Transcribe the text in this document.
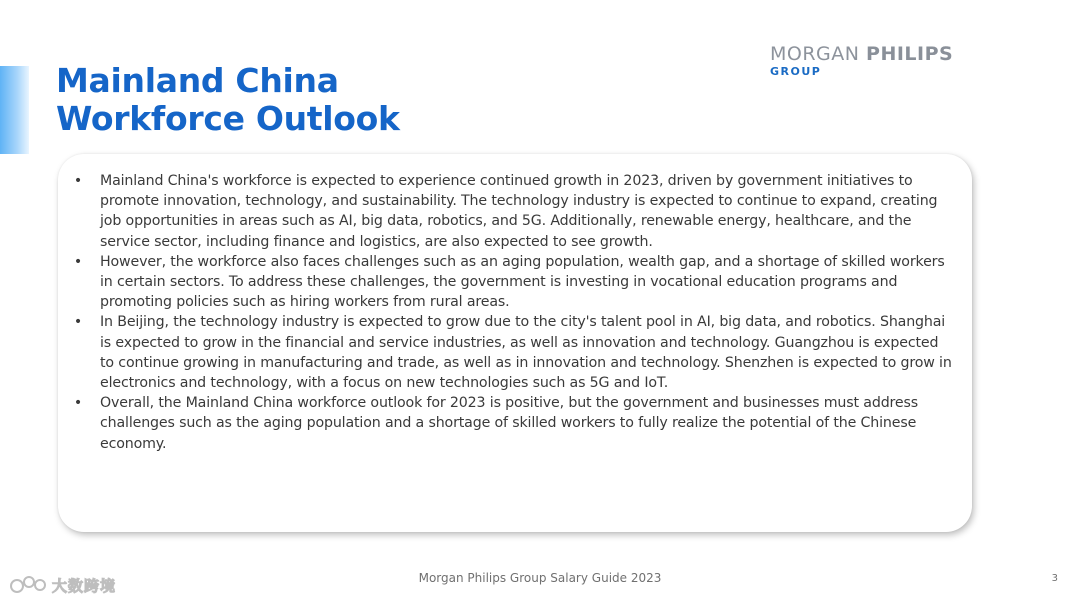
Mainland China
Workforce Outlook
MORGAN PHILIPS
GROUP
• Mainland China's workforce is expected to experience continued growth in 2023, driven by government initiatives to promote innovation, technology, and sustainability. The technology industry is expected to continue to expand, creating job opportunities in areas such as AI, big data, robotics, and 5G. Additionally, renewable energy, healthcare, and the service sector, including finance and logistics, are also expected to see growth.
• However, the workforce also faces challenges such as an aging population, wealth gap, and a shortage of skilled workers in certain sectors. To address these challenges, the government is investing in vocational education programs and promoting policies such as hiring workers from rural areas.
• In Beijing, the technology industry is expected to grow due to the city's talent pool in AI, big data, and robotics. Shanghai is expected to grow in the financial and service industries, as well as innovation and technology. Guangzhou is expected to continue growing in manufacturing and trade, as well as in innovation and technology. Shenzhen is expected to grow in electronics and technology, with a focus on new technologies such as 5G and IoT.
• Overall, the Mainland China workforce outlook for 2023 is positive, but the government and businesses must address challenges such as the aging population and a shortage of skilled workers to fully realize the potential of the Chinese economy.
大数跨境	Morgan Philips Group Salary Guide 2023	3
